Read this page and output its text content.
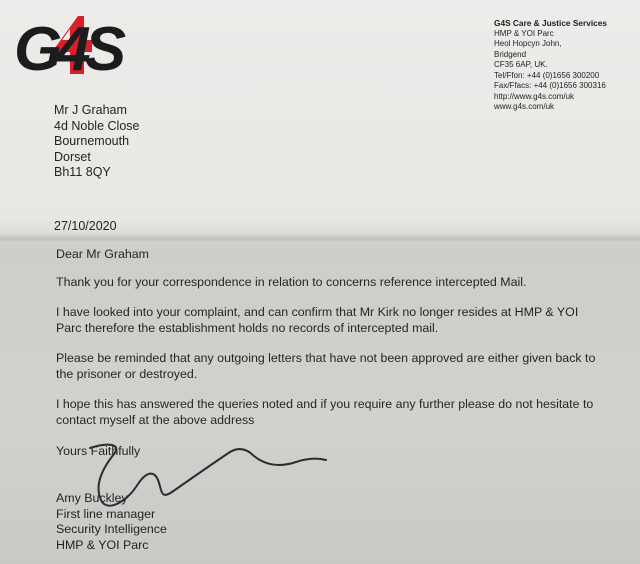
G4S	G4S Care & Justice Services
HMP & YOI Parc
Heol Hopcyn John,
Bridgend
CF35 6AP, UK.
Tel/Ffon: +44 (0)1656 300200
Fax/Ffacs: +44 (0)1656 300316
http://www.g4s.com/uk
www.g4s.com/uk
Mr J Graham
4d Noble Close
Bournemouth
Dorset
Bh11 8QY
27/10/2020

Dear Mr Graham

Thank you for your correspondence in relation to concerns reference intercepted Mail.

I have looked into your complaint, and can confirm that Mr Kirk no longer resides at HMP & YOI Parc therefore the establishment holds no records of intercepted mail.

Please be reminded that any outgoing letters that have not been approved are either given back to the prisoner or destroyed.

I hope this has answered the queries noted and if you require any further please do not hesitate to contact myself at the above address

Yours Faithfully
Amy Buckley
First line manager
Security Intelligence
HMP & YOI Parc
